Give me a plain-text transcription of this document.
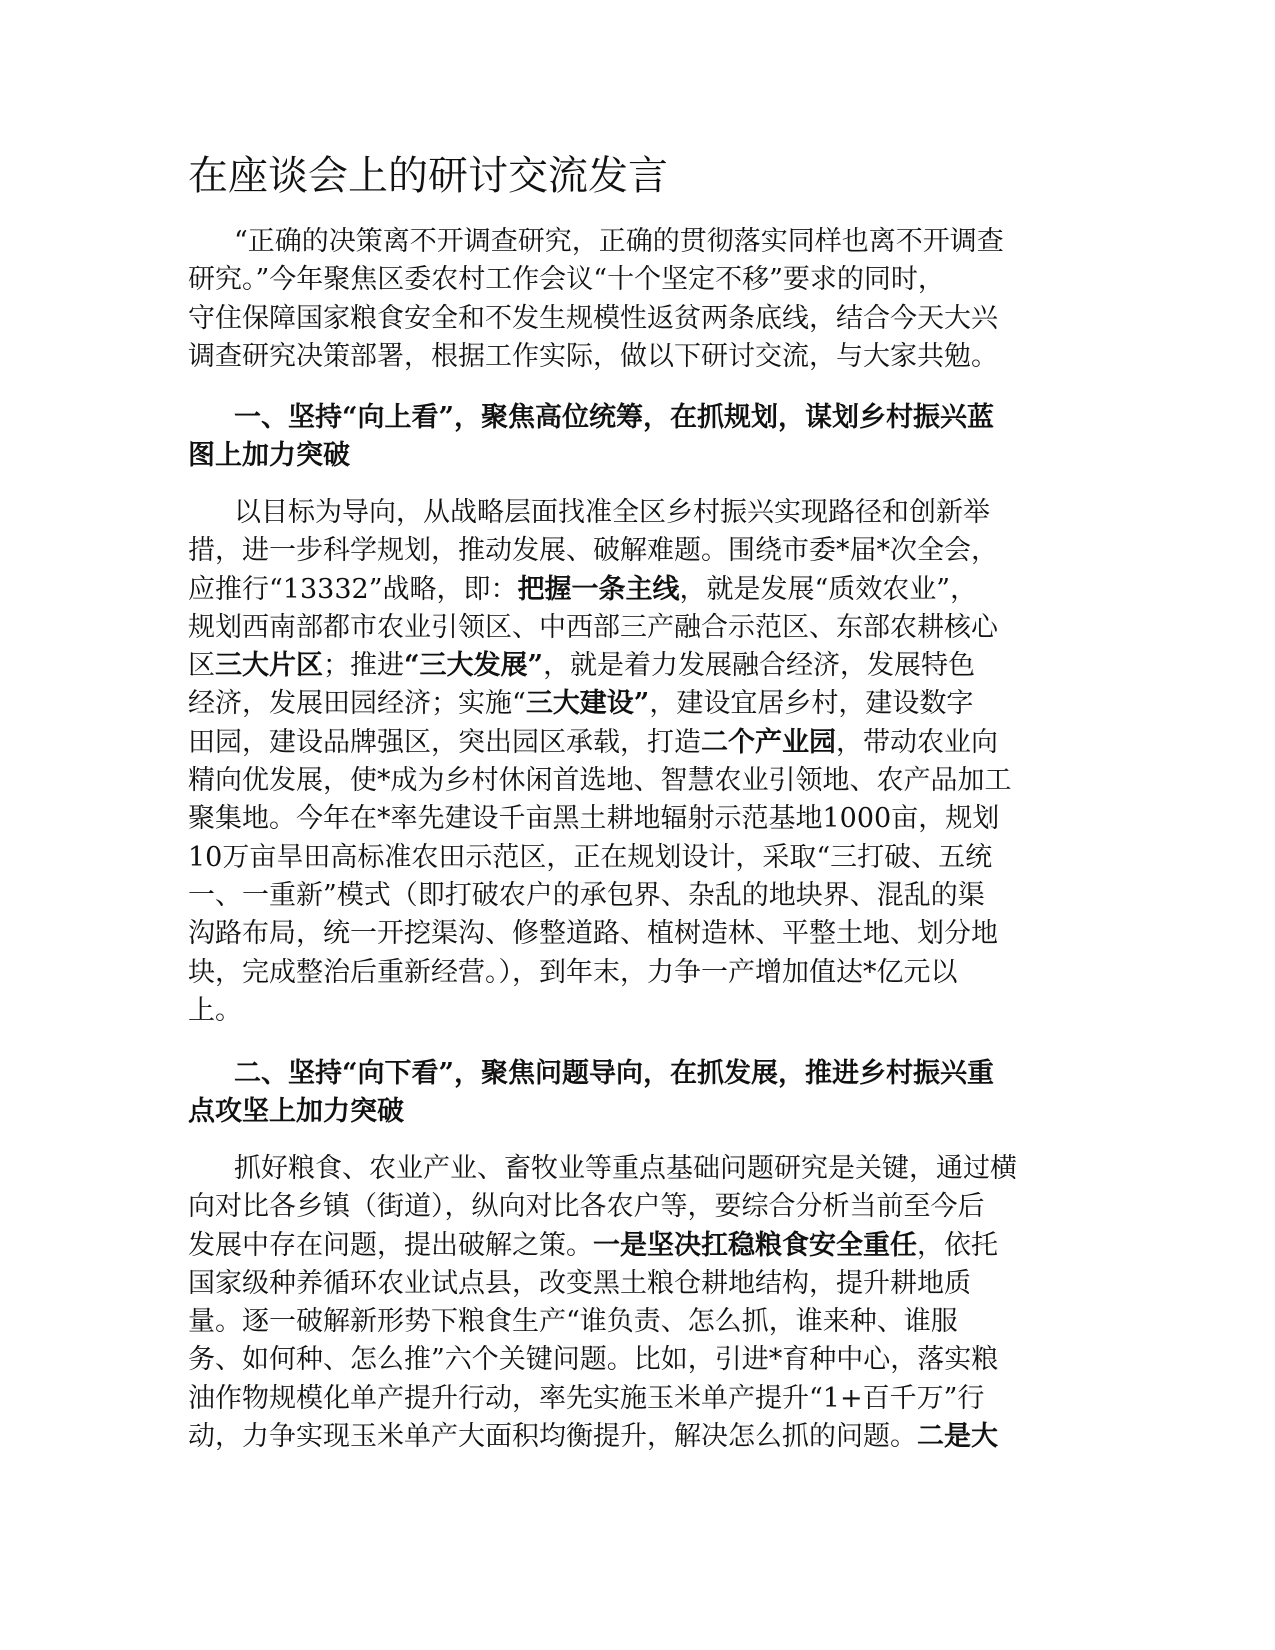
在座谈会上的研讨交流发言
“正确的决策离不开调查研究，正确的贯彻落实同样也离不开调查
研究。”今年聚焦区委农村工作会议“十个坚定不移”要求的同时，
守住保障国家粮食安全和不发生规模性返贫两条底线，结合今天大兴
调查研究决策部署，根据工作实际，做以下研讨交流，与大家共勉。
一、坚持“向上看”，聚焦高位统筹，在抓规划，谋划乡村振兴蓝
图上加力突破
以目标为导向，从战略层面找准全区乡村振兴实现路径和创新举
措，进一步科学规划，推动发展、破解难题。围绕市委*届*次全会，
应推行“13332”战略，即：把握一条主线，就是发展“质效农业”，
规划西南部都市农业引领区、中西部三产融合示范区、东部农耕核心
区三大片区；推进“三大发展”，就是着力发展融合经济，发展特色
经济，发展田园经济；实施“三大建设”，建设宜居乡村，建设数字
田园，建设品牌强区，突出园区承载，打造二个产业园，带动农业向
精向优发展，使*成为乡村休闲首选地、智慧农业引领地、农产品加工
聚集地。今年在*率先建设千亩黑土耕地辐射示范基地1000亩，规划
10万亩旱田高标准农田示范区，正在规划设计，采取“三打破、五统
一、一重新”模式（即打破农户的承包界、杂乱的地块界、混乱的渠
沟路布局，统一开挖渠沟、修整道路、植树造林、平整土地、划分地
块，完成整治后重新经营。），到年末，力争一产增加值达*亿元以
上。
二、坚持“向下看”，聚焦问题导向，在抓发展，推进乡村振兴重
点攻坚上加力突破
抓好粮食、农业产业、畜牧业等重点基础问题研究是关键，通过横
向对比各乡镇（街道），纵向对比各农户等，要综合分析当前至今后
发展中存在问题，提出破解之策。一是坚决扛稳粮食安全重任，依托
国家级种养循环农业试点县，改变黑土粮仓耕地结构，提升耕地质
量。逐一破解新形势下粮食生产“谁负责、怎么抓，谁来种、谁服
务、如何种、怎么推”六个关键问题。比如，引进*育种中心，落实粮
油作物规模化单产提升行动，率先实施玉米单产提升“1+百千万”行
动，力争实现玉米单产大面积均衡提升，解决怎么抓的问题。二是大
